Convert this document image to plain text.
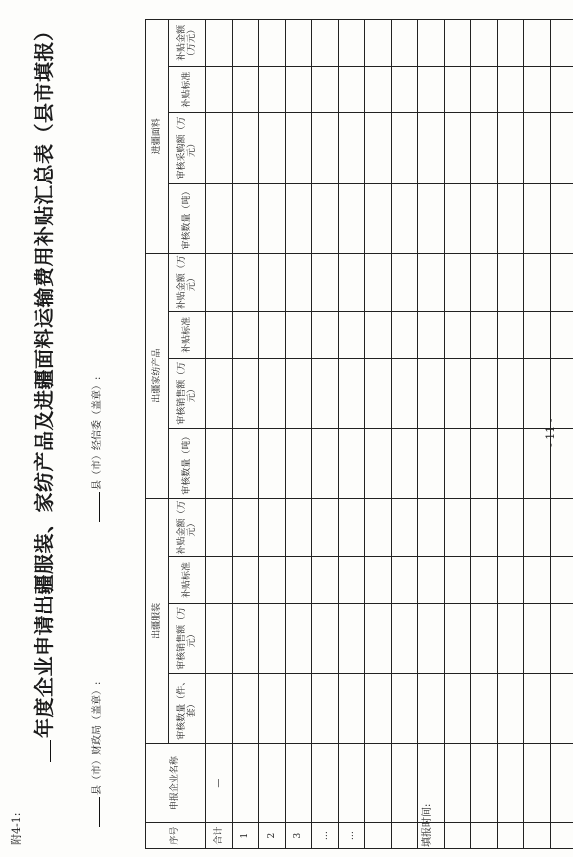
附4-1:
年度企业申请出疆服装、家纺产品及进疆面料运输费用补贴汇总表（县市填报）
县（市）财政局（盖章）:
县（市）经信委（盖章）:
序号	申报企业名称	出疆服装				出疆家纺产品				进疆面料			
		审核数量（件、套）	审核销售额（万元）	补贴标准	补贴金额（万元）	审核数量（吨）	审核销售额（万元）	补贴标准	补贴金额（万元）	审核数量（吨）	审核采购额（万元）	补贴标准	补贴金额（万元）
合计	—												
1													
2													
3													
…													
…													

														填报时间:
- 11 -
